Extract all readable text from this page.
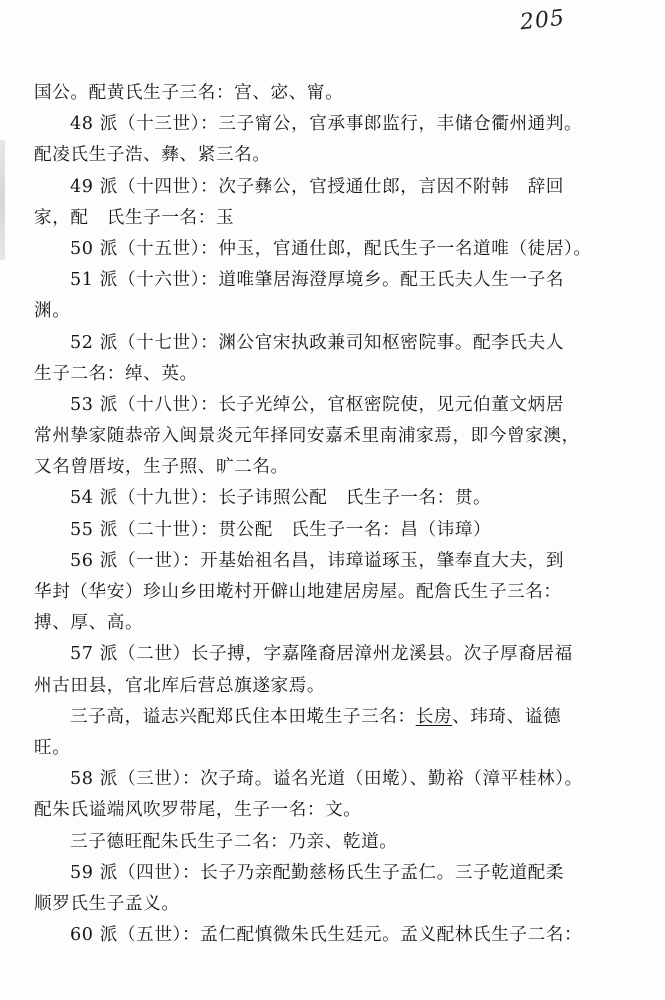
205
国公。配黄氏生子三名：宫、宓、甯。
48 派（十三世）：三子甯公，官承事郎监行，丰储仓衢州通判。
配凌氏生子浩、彝、紧三名。
49 派（十四世）：次子彝公，官授通仕郎，言因不附韩　辞回
家，配　氏生子一名：玉
50 派（十五世）：仲玉，官通仕郎，配氏生子一名道唯（徒居）。
51 派（十六世）：道唯肇居海澄厚境乡。配王氏夫人生一子名
渊。
52 派（十七世）：渊公官宋执政兼司知枢密院事。配李氏夫人
生子二名：绰、英。
53 派（十八世）：长子光绰公，官枢密院使，见元伯董文炳居
常州挚家随恭帝入闽景炎元年择同安嘉禾里南浦家焉，即今曾家澳，
又名曾厝垵，生子照、旷二名。
54 派（十九世）：长子讳照公配　氏生子一名：贯。
55 派（二十世）：贯公配　氏生子一名：昌（讳璋）
56 派（一世）：开基始祖名昌，讳璋谥琢玉，肇奉直大夫，到
华封（华安）珍山乡田墘村开僻山地建居房屋。配詹氏生子三名：
搏、厚、高。
57 派（二世）长子搏，字嘉隆裔居漳州龙溪县。次子厚裔居福
州古田县，官北库后营总旗遂家焉。
三子高，谥志兴配郑氏住本田墘生子三名：长房、玮琦、谥德
旺。
58 派（三世）：次子琦。谥名光道（田墘）、勤裕（漳平桂林）。
配朱氏谥端风吹罗带尾，生子一名：文。
三子德旺配朱氏生子二名：乃亲、乾道。
59 派（四世）：长子乃亲配勤慈杨氏生子孟仁。三子乾道配柔
顺罗氏生子孟义。
60 派（五世）：孟仁配慎微朱氏生廷元。孟义配林氏生子二名：
